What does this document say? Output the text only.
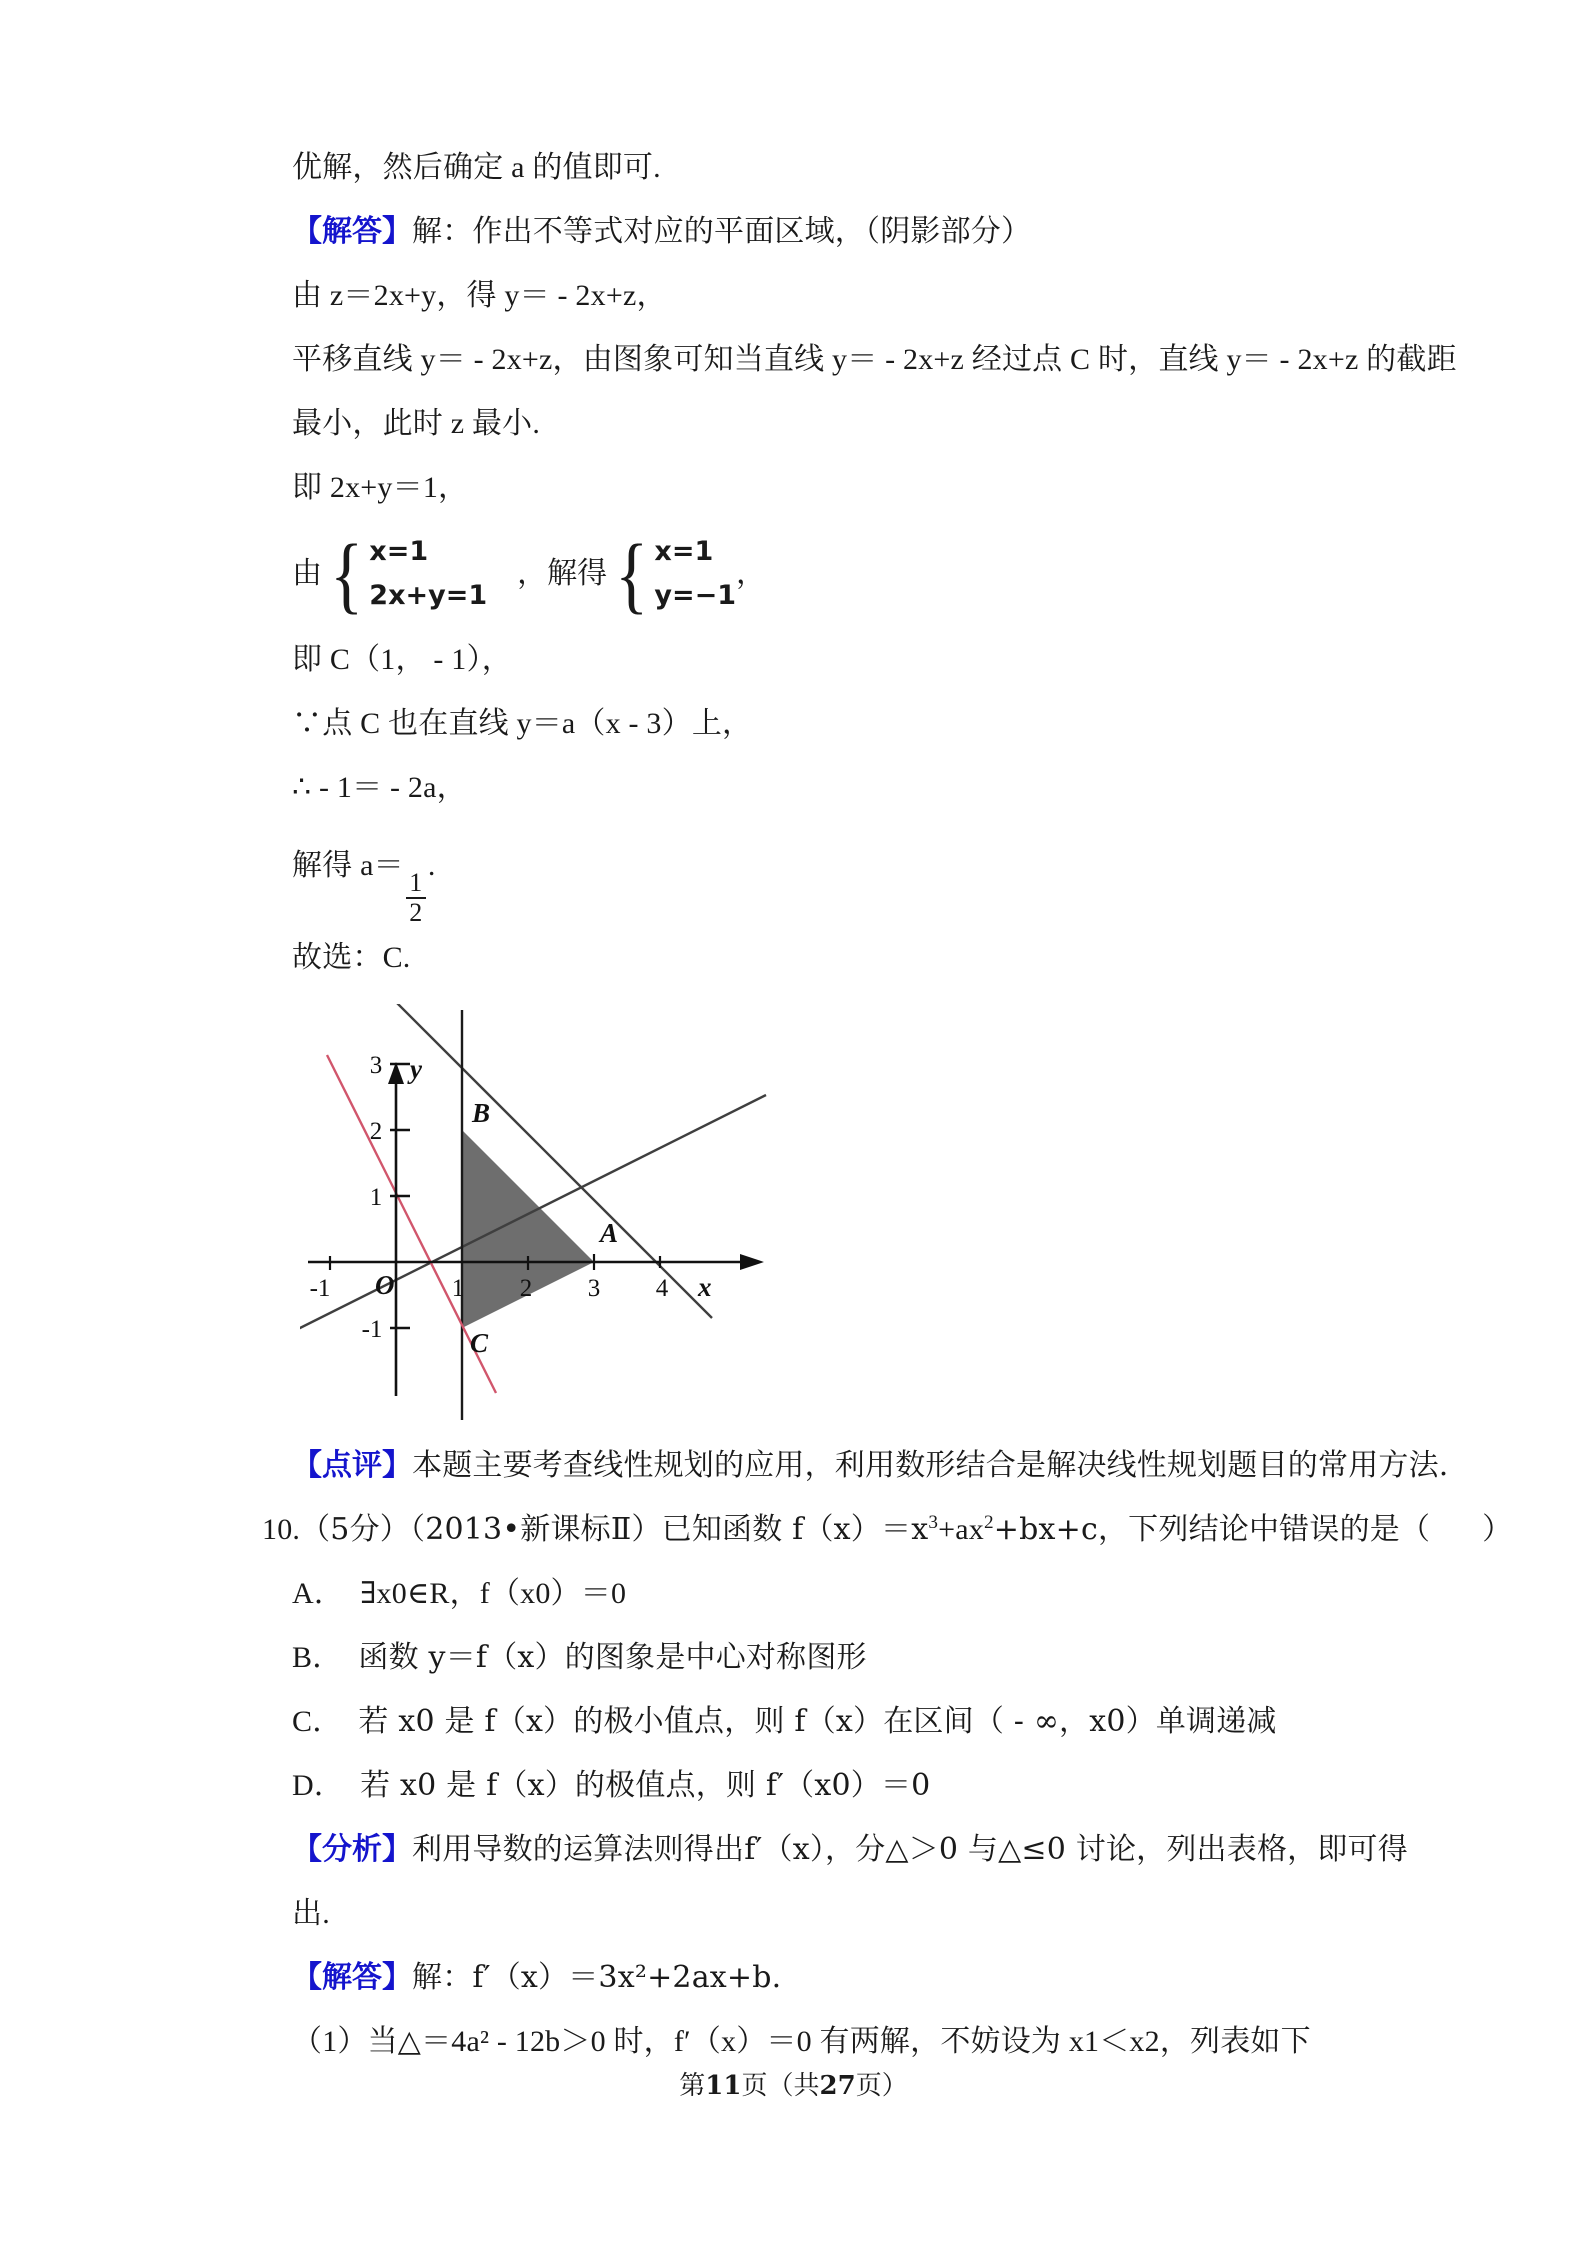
优解，然后确定 a 的值即可.
【解答】解：作出不等式对应的平面区域，（阴影部分）
由 z＝2x+y，得 y＝ - 2x+z，
平移直线 y＝ - 2x+z，由图象可知当直线 y＝ - 2x+z 经过点 C 时，直线 y＝ - 2x+z 的截距
最小，此时 z 最小.
即 2x+y＝1，
由 { x=1
2x+y=1
，解得 { x=1
y=−1
，
即 C（1， - 1），
∵点 C 也在直线 y＝a（x - 3）上，
∴ - 1＝ - 2a，
解得 a＝
$\frac{1}{2}$
.
故选：C.
-1	1 2 3 4
1
2
3
-1
O	x
y
A
B
C
【点评】本题主要考查线性规划的应用，利用数形结合是解决线性规划题目的常用方法.
10.（5分）（2013•新课标Ⅱ）已知函数 $f(x)=x^3+ax^2+bx+c$，下列结论中错误的是（ ）
A． ∃x0∈R，f（x0）＝0
B． 函数 y＝f（x）的图象是中心对称图形
C． 若 x0 是 f（x）的极小值点，则 f（x）在区间（ - ∞，x0）单调递减
D． 若 x0 是 f（x）的极值点，则 f′（x0）＝0
【分析】利用导数的运算法则得出f′（x），分△＞0 与△≤0 讨论，列出表格，即可得
出.
【解答】解：f′（x）＝3x²+2ax+b.
（1）当△＝4a² - 12b＞0 时，f′（x）＝0 有两解，不妨设为 x1＜x2，列表如下
第11页（共27页）
